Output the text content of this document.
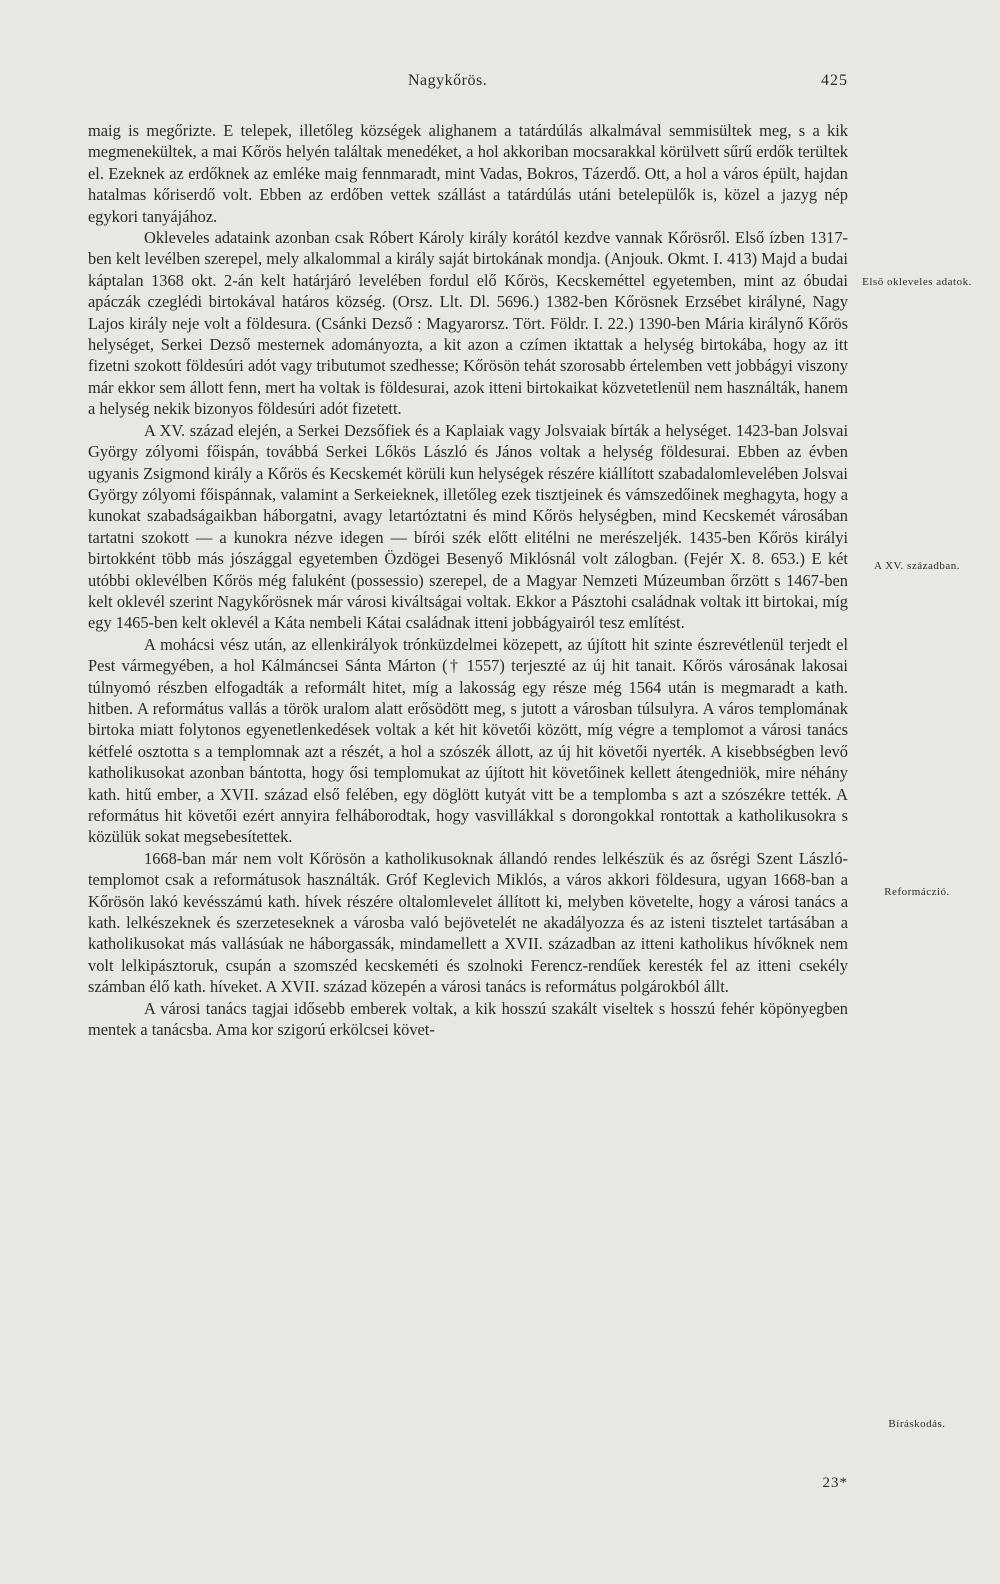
Nagykőrös.	425

maig is megőrizte. E telepek, illetőleg községek alighanem a tatárdúlás alkalmával semmisültek meg, s a kik megmenekültek, a mai Kőrös helyén találtak menedéket, a hol akkoriban mocsarakkal körülvett sűrű erdők terültek el. Ezeknek az erdőknek az emléke maig fennmaradt, mint Vadas, Bokros, Tázerdő. Ott, a hol a város épült, hajdan hatalmas kőriserdő volt. Ebben az erdőben vettek szállást a tatárdúlás utáni betelepülők is, közel a jazyg nép egykori tanyájához.

Okleveles adataink azonban csak Róbert Károly király korától kezdve vannak Kőrösről. Első ízben 1317-ben kelt levélben szerepel, mely alkalommal a király saját birtokának mondja. (Anjouk. Okmt. I. 413) Majd a budai káptalan 1368 okt. 2-án kelt határjáró levelében fordul elő Kőrös, Kecskeméttel egyetemben, mint az óbudai apáczák czeglédi birtokával határos község. (Orsz. Llt. Dl. 5696.) 1382-ben Kőrösnek Erzsébet királyné, Nagy Lajos király neje volt a földesura. (Csánki Dezső : Magyarorsz. Tört. Földr. I. 22.) 1390-ben Mária királynő Kőrös helységet, Serkei Dezső mesternek adományozta, a kit azon a czímen iktattak a helység birtokába, hogy az itt fizetni szokott földesúri adót vagy tributumot szedhesse; Kőrösön tehát szorosabb értelemben vett jobbágyi viszony már ekkor sem állott fenn, mert ha voltak is földesurai, azok itteni birtokaikat közvetetlenül nem használták, hanem a helység nekik bizonyos földesúri adót fizetett.

A XV. század elején, a Serkei Dezsőfiek és a Kaplaiak vagy Jolsvaiak bírták a helységet. 1423-ban Jolsvai György zólyomi főispán, továbbá Serkei Lőkös László és János voltak a helység földesurai. Ebben az évben ugyanis Zsigmond király a Kőrös és Kecskemét körüli kun helységek részére kiállított szabadalomlevelében Jolsvai György zólyomi főispánnak, valamint a Serkeieknek, illetőleg ezek tisztjeinek és vámszedőinek meghagyta, hogy a kunokat szabadságaikban háborgatni, avagy letartóztatni és mind Kőrös helységben, mind Kecskemét városában tartatni szokott — a kunokra nézve idegen — bírói szék előtt elitélni ne merészeljék. 1435-ben Kőrös királyi birtokként több más jószággal egyetemben Özdögei Besenyő Miklósnál volt zálogban. (Fejér X. 8. 653.) E két utóbbi oklevélben Kőrös még faluként (possessio) szerepel, de a Magyar Nemzeti Múzeumban őrzött s 1467-ben kelt oklevél szerint Nagykőrösnek már városi kiváltságai voltak. Ekkor a Pásztohi családnak voltak itt birtokai, míg egy 1465-ben kelt oklevél a Káta nembeli Kátai családnak itteni jobbágyairól tesz említést.

A mohácsi vész után, az ellenkirályok trónküzdelmei közepett, az újított hit szinte észrevétlenül terjedt el Pest vármegyében, a hol Kálmáncsei Sánta Márton († 1557) terjeszté az új hit tanait. Kőrös városának lakosai túlnyomó részben elfogadták a reformált hitet, míg a lakosság egy része még 1564 után is megmaradt a kath. hitben. A református vallás a török uralom alatt erősödött meg, s jutott a városban túlsulyra. A város templomának birtoka miatt folytonos egyenetlenkedések voltak a két hit követői között, míg végre a templomot a városi tanács kétfelé osztotta s a templomnak azt a részét, a hol a szószék állott, az új hit követői nyerték. A kisebbségben levő katholikusokat azonban bántotta, hogy ősi templomukat az újított hit követőinek kellett átengedniök, mire néhány kath. hitű ember, a XVII. század első felében, egy döglött kutyát vitt be a templomba s azt a szószékre tették. A református hit követői ezért annyira felháborodtak, hogy vasvillákkal s dorongokkal rontottak a katholikusokra s közülük sokat megsebesítettek.

1668-ban már nem volt Kőrösön a katholikusoknak állandó rendes lelkészük és az ősrégi Szent László-templomot csak a reformátusok használták. Gróf Keglevich Miklós, a város akkori földesura, ugyan 1668-ban a Kőrösön lakó kevésszámú kath. hívek részére oltalomlevelet állított ki, melyben követelte, hogy a városi tanács a kath. lelkészeknek és szerzeteseknek a városba való bejövetelét ne akadályozza és az isteni tisztelet tartásában a katholikusokat más vallásúak ne háborgassák, mindamellett a XVII. században az itteni katholikus hívőknek nem volt lelkipásztoruk, csupán a szomszéd kecskeméti és szolnoki Ferencz-rendűek keresték fel az itteni csekély számban élő kath. híveket. A XVII. század közepén a városi tanács is református polgárokból állt.

A városi tanács tagjai idősebb emberek voltak, a kik hosszú szakált viseltek s hosszú fehér köpönyegben mentek a tanácsba. Ama kor szigorú erkölcsei követ-

Első okleveles adatok.
A XV. században.
Reformáczió.
Bíráskodás.
23*
